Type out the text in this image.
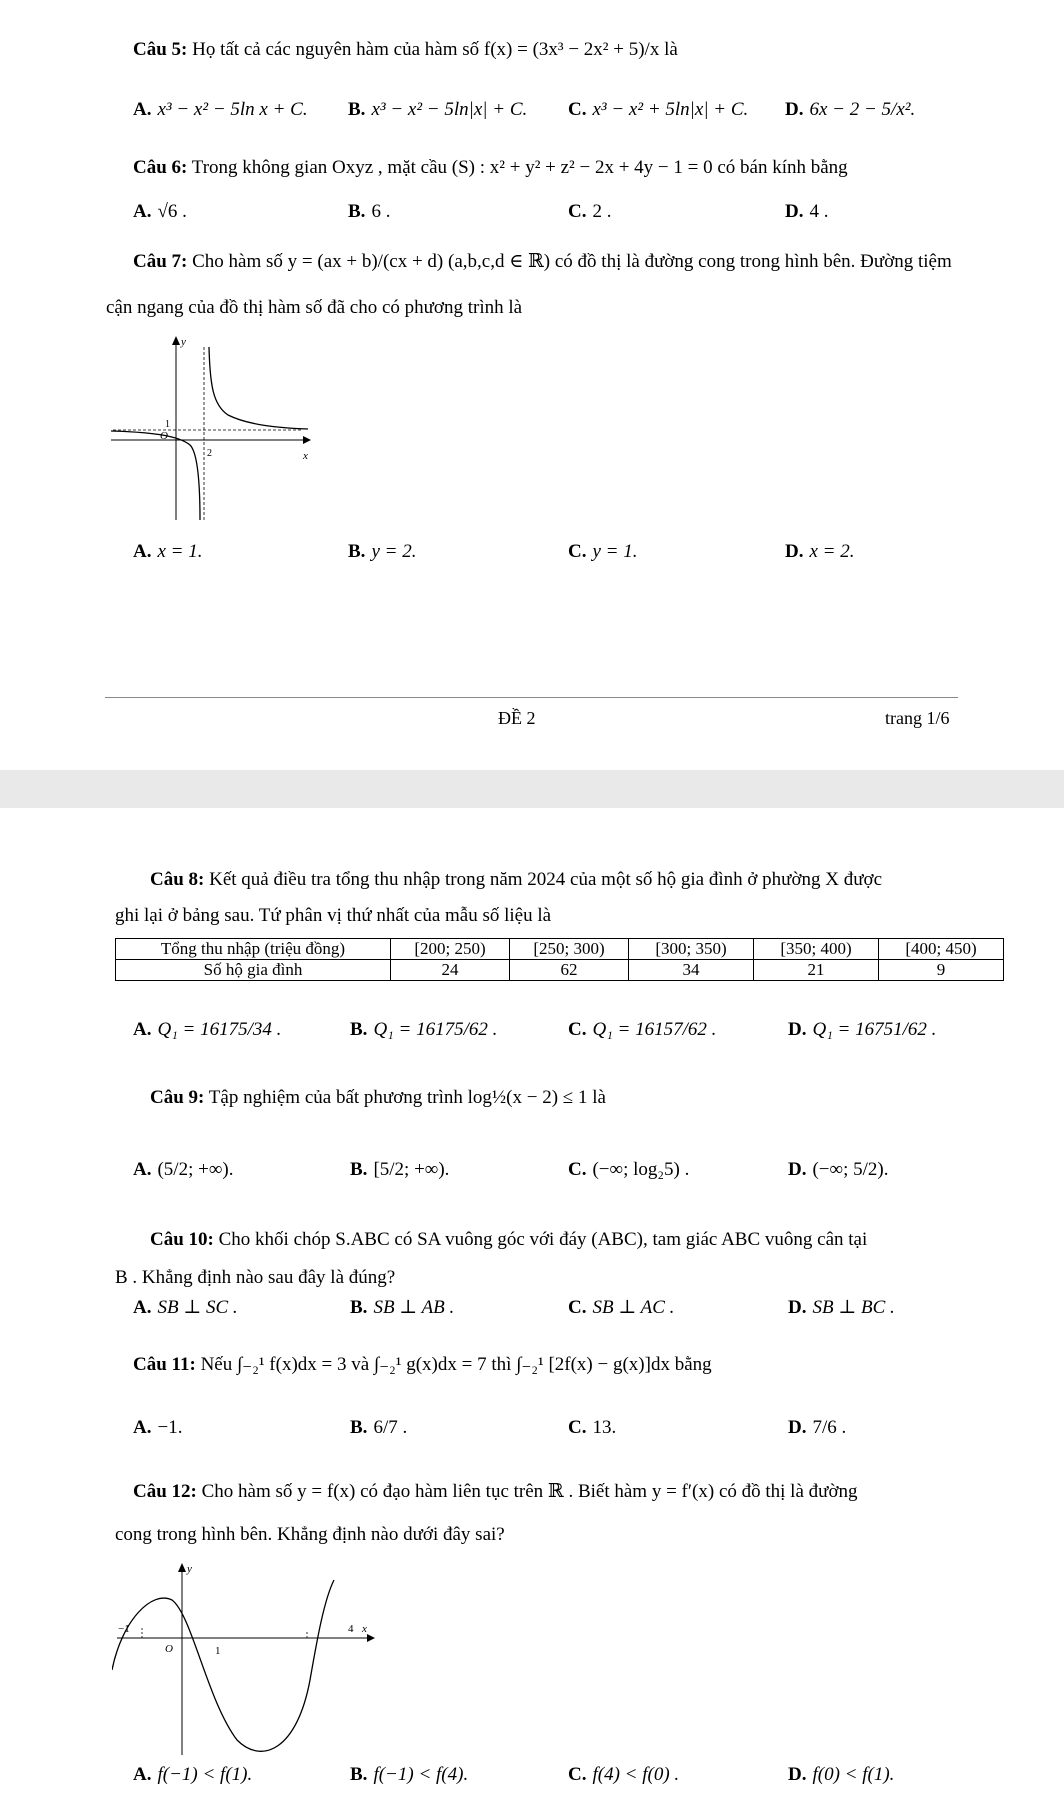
Câu 5: Họ tất cả các nguyên hàm của hàm số f(x) = (3x³ − 2x² + 5)/x là
A. x³ − x² − 5ln x + C. B. x³ − x² − 5ln|x| + C. C. x³ − x² + 5ln|x| + C. D. 6x − 2 − 5/x².
Câu 6: Trong không gian Oxyz , mặt cầu (S) : x² + y² + z² − 2x + 4y − 1 = 0 có bán kính bằng
A. √6 .	B. 6 .	C. 2 .	D. 4 .
Câu 7: Cho hàm số y = (ax + b)/(cx + d) (a,b,c,d ∈ ℝ) có đồ thị là đường cong trong hình bên. Đường tiệm
cận ngang của đồ thị hàm số đã cho có phương trình là
y
x
O
1
2
A. x = 1.	B. y = 2.	C. y = 1.	D. x = 2.
ĐỀ 2	trang 1/6
Câu 8: Kết quả điều tra tổng thu nhập trong năm 2024 của một số hộ gia đình ở phường X được
ghi lại ở bảng sau. Tứ phân vị thứ nhất của mẫu số liệu là
Tổng thu nhập (triệu đồng)	[200; 250)	[250; 300)	[300; 350)	[350; 400)	[400; 450)
Số hộ gia đình	24	62	34	21	9
A. Q₁ = 16175/34 .	B. Q₁ = 16175/62 .	C. Q₁ = 16157/62 .	D. Q₁ = 16751/62 .
Câu 9: Tập nghiệm của bất phương trình log½(x − 2) ≤ 1 là
A. (5/2; +∞).	B. [5/2; +∞).	C. (−∞; log₂5) .	D. (−∞; 5/2).
Câu 10: Cho khối chóp S.ABC có SA vuông góc với đáy (ABC), tam giác ABC vuông cân tại
B . Khẳng định nào sau đây là đúng?
A. SB ⊥ SC .	B. SB ⊥ AB .	C. SB ⊥ AC .	D. SB ⊥ BC .
Câu 11: Nếu ∫₋₂¹ f(x)dx = 3 và ∫₋₂¹ g(x)dx = 7 thì ∫₋₂¹ [2f(x) − g(x)]dx bằng
A. −1.	B. 6/7 .	C. 13.	D. 7/6 .
Câu 12: Cho hàm số y = f(x) có đạo hàm liên tục trên ℝ . Biết hàm y = f′(x) có đồ thị là đường
cong trong hình bên. Khẳng định nào dưới đây sai?
y
x
O
−1
1
4
A. f(−1) < f(1).	B. f(−1) < f(4).	C. f(4) < f(0) .	D. f(0) < f(1).
